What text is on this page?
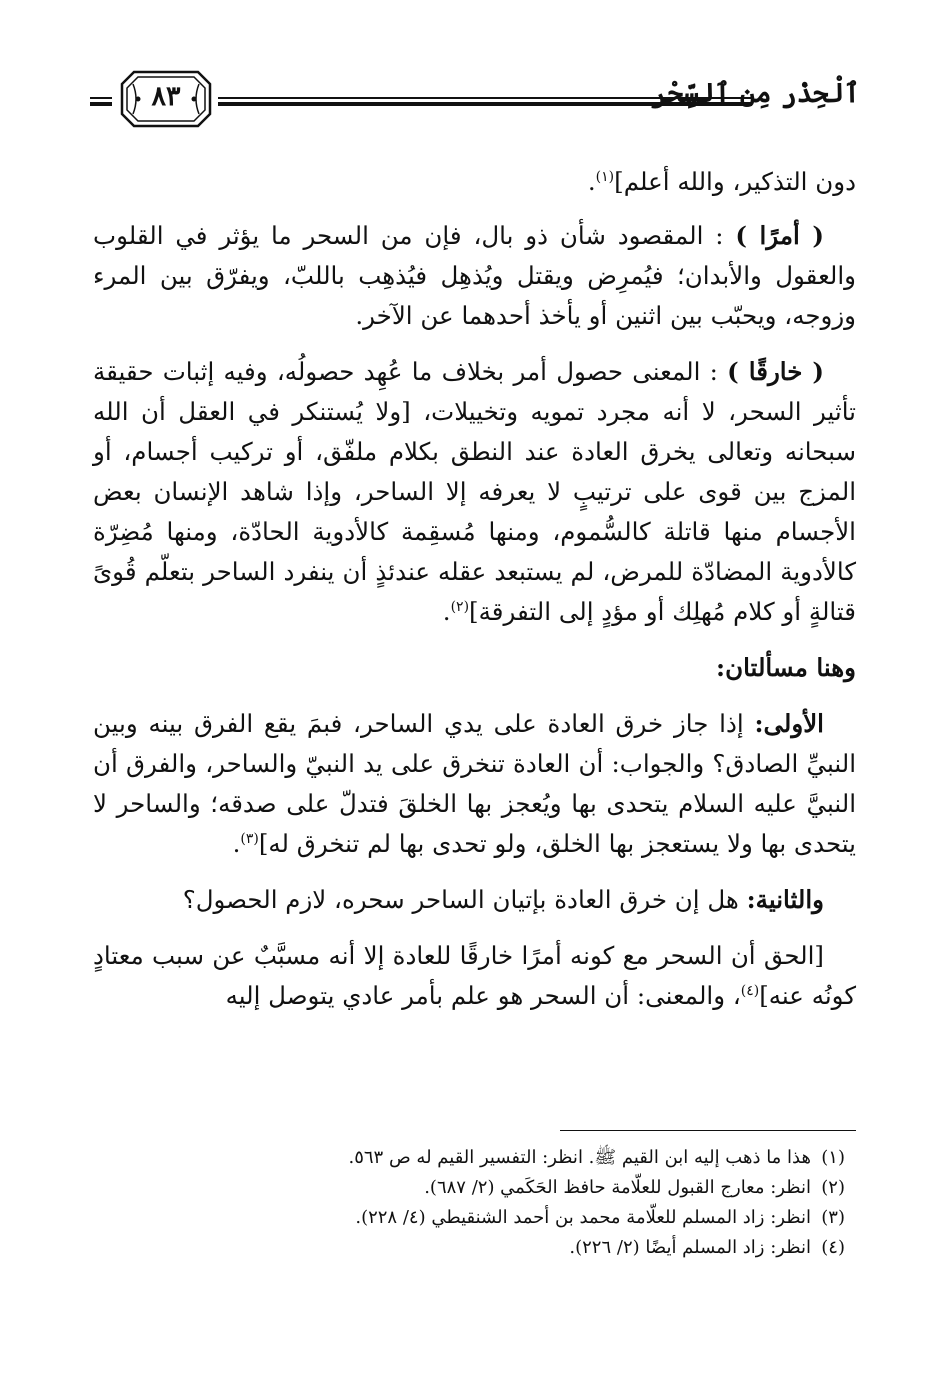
ٱلْحِذْر مِن ٱلسِّحْر
٨٣

دون التذكير، والله أعلم]$^{(١)}$.

( أمرًا ) : المقصود شأن ذو بال، فإن من السحر ما يؤثر في القلوب والعقول والأبدان؛ فيُمرِض ويقتل ويُذهِل فيُذهِب باللبّ، ويفرّق بين المرء وزوجه، ويحبّب بين اثنين أو يأخذ أحدهما عن الآخر.

( خارقًا ) : المعنى حصول أمر بخلاف ما عُهِد حصولُه، وفيه إثبات حقيقة تأثير السحر، لا أنه مجرد تمويه وتخييلات، [ولا يُستنكر في العقل أن الله سبحانه وتعالى يخرق العادة عند النطق بكلام ملفّق، أو تركيب أجسام، أو المزج بين قوى على ترتيبٍ لا يعرفه إلا الساحر، وإذا شاهد الإنسان بعض الأجسام منها قاتلة كالسُّموم، ومنها مُسقِمة كالأدوية الحادّة، ومنها مُضِرّة كالأدوية المضادّة للمرض، لم يستبعد عقله عندئذٍ أن ينفرد الساحر بتعلّم قُوىً قتالةٍ أو كلام مُهلِك أو مؤدٍ إلى التفرقة]$^{(٢)}$.

وهنا مسألتان:

الأولى: إذا جاز خرق العادة على يدي الساحر، فبمَ يقع الفرق بينه وبين النبيِّ الصادق؟ والجواب: أن العادة تنخرق على يد النبيّ والساحر، والفرق أن النبيَّ عليه السلام يتحدى بها ويُعجز بها الخلقَ فتدلّ على صدقه؛ والساحر لا يتحدى بها ولا يستعجز بها الخلق، ولو تحدى بها لم تنخرق له]$^{(٣)}$.

والثانية: هل إن خرق العادة بإتيان الساحر سحره، لازم الحصول؟

[الحق أن السحر مع كونه أمرًا خارقًا للعادة إلا أنه مسبَّبٌ عن سبب معتادٍ كونُه عنه]$^{(٤)}$، والمعنى: أن السحر هو علم بأمر عادي يتوصل إليه

(١)هذا ما ذهب إليه ابن القيم ﷺ. انظر: التفسير القيم له ص ٥٦٣.
(٢)انظر: معارج القبول للعلّامة حافظ الحَكَمي (٢/ ٦٨٧).
(٣)انظر: زاد المسلم للعلّامة محمد بن أحمد الشنقيطي (٤/ ٢٢٨).
(٤)انظر: زاد المسلم أيضًا (٢/ ٢٢٦).
